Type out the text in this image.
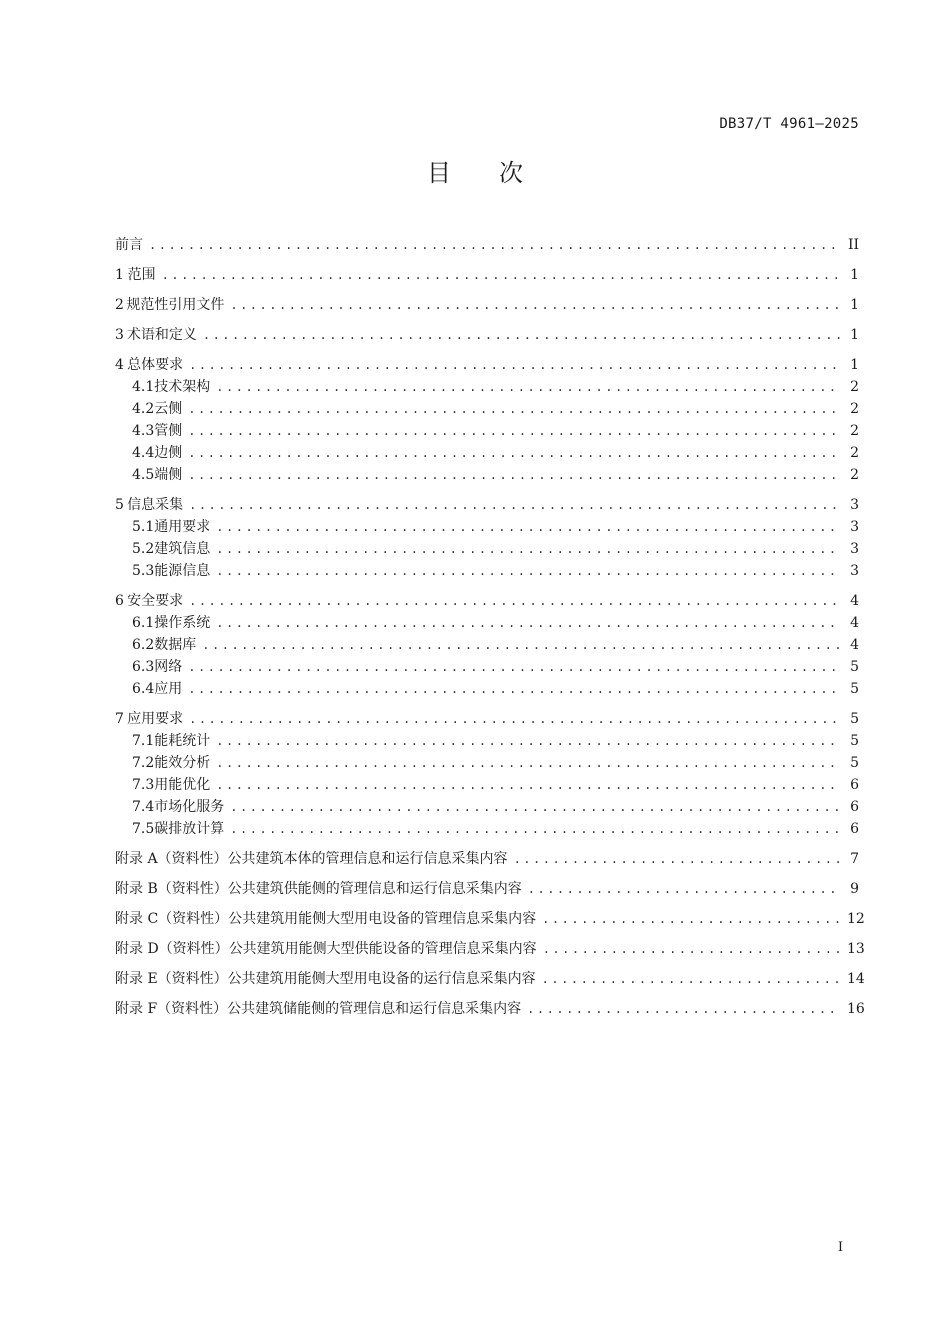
DB37/T 4961—2025
目次
前言 .....	II
1 范围 .....	1
2 规范性引用文件 .....	1
3 术语和定义 .....	1
4 总体要求 .....	1
4.1 技术架构 .....	2
4.2 云侧 .....	2
4.3 管侧 .....	2
4.4 边侧 .....	2
4.5 端侧 .....	2
5 信息采集 .....	3
5.1 通用要求 .....	3
5.2 建筑信息 .....	3
5.3 能源信息 .....	3
6 安全要求 .....	4
6.1 操作系统 .....	4
6.2 数据库 .....	4
6.3 网络 .....	5
6.4 应用 .....	5
7 应用要求 .....	5
7.1 能耗统计 .....	5
7.2 能效分析 .....	5
7.3 用能优化 .....	6
7.4 市场化服务 .....	6
7.5 碳排放计算 .....	6
附录 A（资料性） 公共建筑本体的管理信息和运行信息采集内容 .....	7
附录 B（资料性） 公共建筑供能侧的管理信息和运行信息采集内容 .....	9
附录 C（资料性） 公共建筑用能侧大型用电设备的管理信息采集内容 .....	12
附录 D（资料性） 公共建筑用能侧大型供能设备的管理信息采集内容 .....	13
附录 E（资料性） 公共建筑用能侧大型用电设备的运行信息采集内容 .....	14
附录 F（资料性） 公共建筑储能侧的管理信息和运行信息采集内容 .....	16
I
